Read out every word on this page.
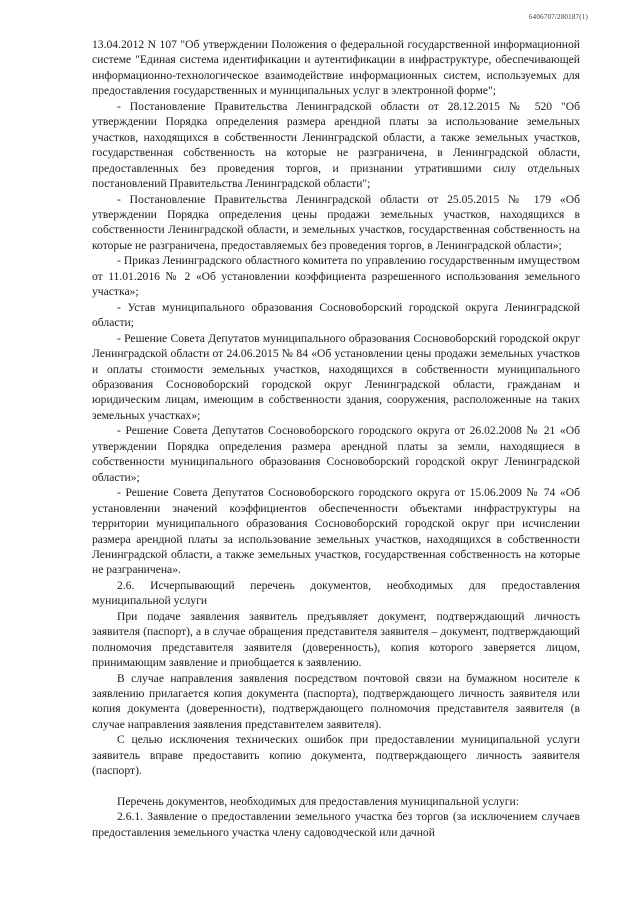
6406707/280187(1)

13.04.2012 N 107 "Об утверждении Положения о федеральной государственной информационной системе "Единая система идентификации и аутентификации в инфраструктуре, обеспечивающей информационно-технологическое взаимодействие информационных систем, используемых для предоставления государственных и муниципальных услуг в электронной форме";

- Постановление Правительства Ленинградской области от 28.12.2015 № 520 "Об утверждении Порядка определения размера арендной платы за использование земельных участков, находящихся в собственности Ленинградской области, а также земельных участков, государственная собственность на которые не разграничена, в Ленинградской области, предоставленных без проведения торгов, и признании утратившими силу отдельных постановлений Правительства Ленинградской области";

- Постановление Правительства Ленинградской области от 25.05.2015 № 179 «Об утверждении Порядка определения цены продажи земельных участков, находящихся в собственности Ленинградской области, и земельных участков, государственная собственность на которые не разграничена, предоставляемых без проведения торгов, в Ленинградской области»;

- Приказ Ленинградского областного комитета по управлению государственным имуществом от 11.01.2016 № 2 «Об установлении коэффициента разрешенного использования земельного участка»;

- Устав муниципального образования Сосновоборский городской округа Ленинградской области;

- Решение Совета Депутатов муниципального образования Сосновоборский городской округ Ленинградской области от 24.06.2015 № 84 «Об установлении цены продажи земельных участков и оплаты стоимости земельных участков, находящихся в собственности муниципального образования Сосновоборский городской округ Ленинградской области, гражданам и юридическим лицам, имеющим в собственности здания, сооружения, расположенные на таких земельных участках»;

- Решение Совета Депутатов Сосновоборского городского округа от 26.02.2008 № 21 «Об утверждении Порядка определения размера арендной платы за земли, находящиеся в собственности муниципального образования Сосновоборский городской округ Ленинградской области»;

- Решение Совета Депутатов Сосновоборского городского округа от 15.06.2009 № 74 «Об установлении значений коэффициентов обеспеченности объектами инфраструктуры на территории муниципального образования Сосновоборский городской округ при исчислении размера арендной платы за использование земельных участков, находящихся в собственности Ленинградской области, а также земельных участков, государственная собственность на которые не разграничена».

2.6. Исчерпывающий перечень документов, необходимых для предоставления муниципальной услуги

При подаче заявления заявитель предъявляет документ, подтверждающий личность заявителя (паспорт), а в случае обращения представителя заявителя – документ, подтверждающий полномочия представителя заявителя (доверенность), копия которого заверяется лицом, принимающим заявление и приобщается к заявлению.

В случае направления заявления посредством почтовой связи на бумажном носителе к заявлению прилагается копия документа (паспорта), подтверждающего личность заявителя или копия документа (доверенности), подтверждающего полномочия представителя заявителя (в случае направления заявления представителем заявителя).

С целью исключения технических ошибок при предоставлении муниципальной услуги заявитель вправе предоставить копию документа, подтверждающего личность заявителя (паспорт).

Перечень документов, необходимых для предоставления муниципальной услуги:

2.6.1. Заявление о предоставлении земельного участка без торгов (за исключением случаев предоставления земельного участка члену садоводческой или дачной
